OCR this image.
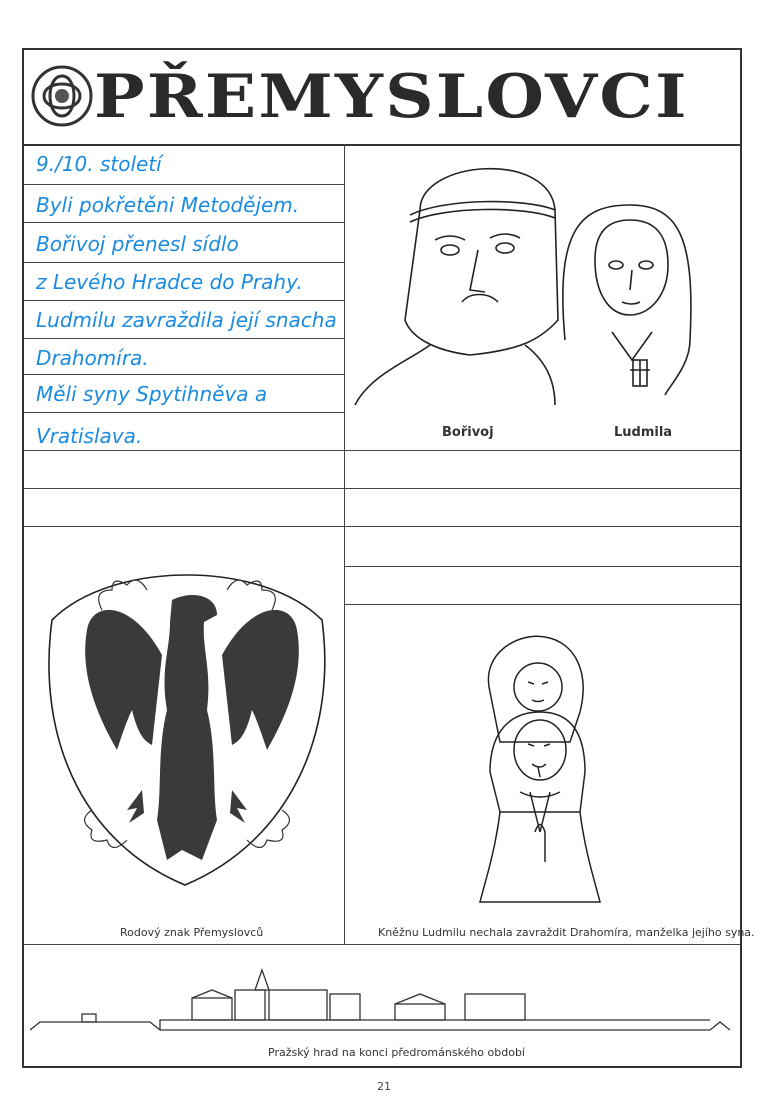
PŘEMYSLOVCI
9./10. století
Byli pokřetěni Metodějem.
Bořivoj přenesl sídlo
z Levého Hradce do Prahy.
Ludmilu zavraždila její snacha
Drahomíra.
Měli syny Spytihněva a
Vratislava.	Bořivoj	Ludmila
Rodový znak Přemyslovců	Kněžnu Ludmilu nechala zavraždit Drahomíra, manželka jejího syna.
Pražský hrad na konci předrománského období
21
